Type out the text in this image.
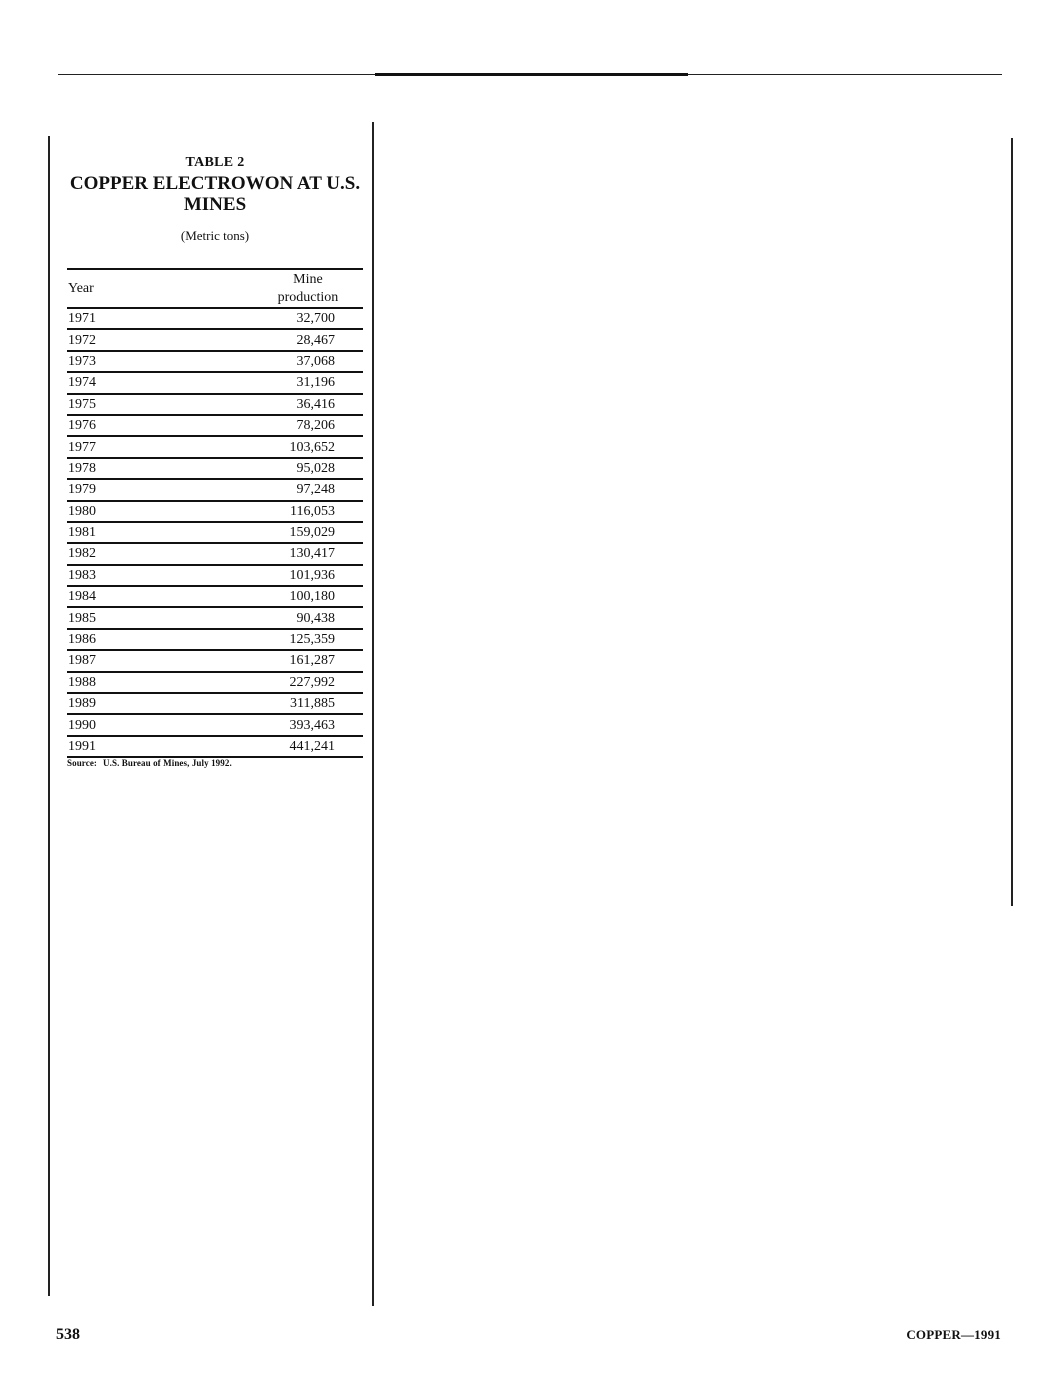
TABLE 2
COPPER ELECTROWON AT U.S.
MINES
(Metric tons)
Year	Mine
production

1971	32,700
1972	28,467
1973	37,068
1974	31,196
1975	36,416
1976	78,206
1977	103,652
1978	95,028
1979	97,248
1980	116,053
1981	159,029
1982	130,417
1983	101,936
1984	100,180
1985	90,438
1986	125,359
1987	161,287
1988	227,992
1989	311,885
1990	393,463
1991	441,241
Source: U.S. Bureau of Mines, July 1992.
538	COPPER—1991
